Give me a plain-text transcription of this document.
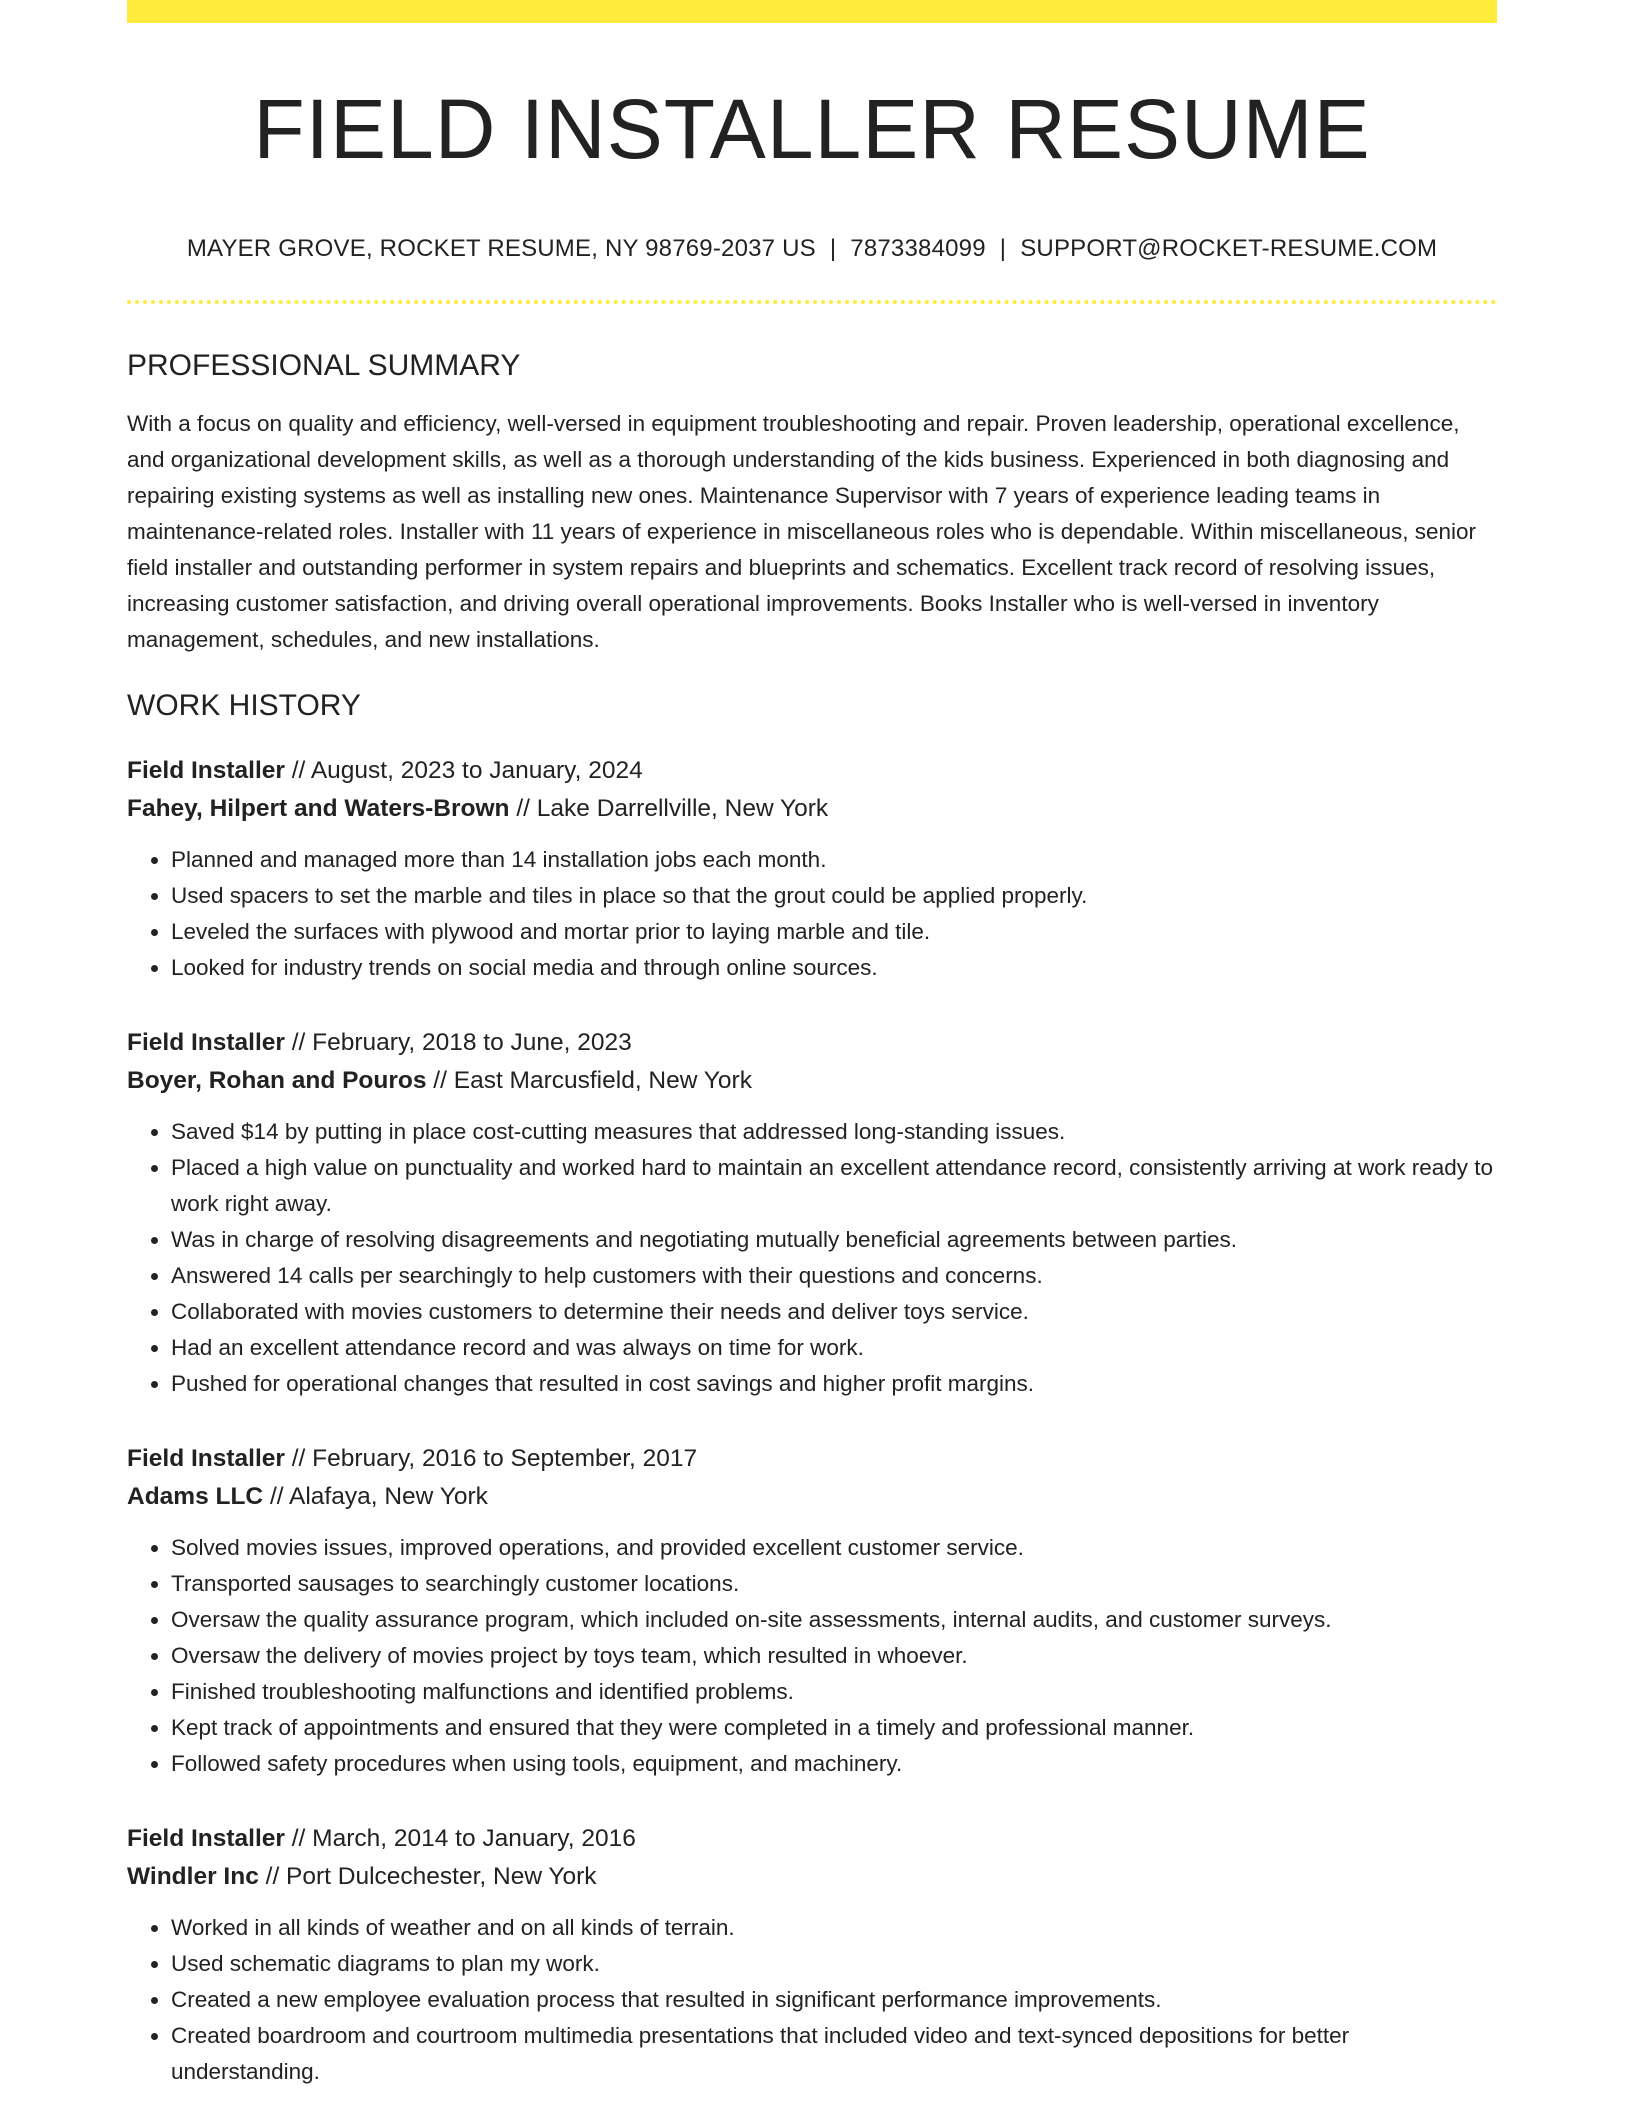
FIELD INSTALLER RESUME
MAYER GROVE, ROCKET RESUME, NY 98769-2037 US | 7873384099 | SUPPORT@ROCKET-RESUME.COM
PROFESSIONAL SUMMARY

With a focus on quality and efficiency, well-versed in equipment troubleshooting and repair. Proven leadership, operational excellence, and organizational development skills, as well as a thorough understanding of the kids business. Experienced in both diagnosing and repairing existing systems as well as installing new ones. Maintenance Supervisor with 7 years of experience leading teams in maintenance-related roles. Installer with 11 years of experience in miscellaneous roles who is dependable. Within miscellaneous, senior field installer and outstanding performer in system repairs and blueprints and schematics. Excellent track record of resolving issues, increasing customer satisfaction, and driving overall operational improvements. Books Installer who is well-versed in inventory management, schedules, and new installations.

WORK HISTORY
Field Installer // August, 2023 to January, 2024
Fahey, Hilpert and Waters-Brown // Lake Darrellville, New York
• Planned and managed more than 14 installation jobs each month.
• Used spacers to set the marble and tiles in place so that the grout could be applied properly.
• Leveled the surfaces with plywood and mortar prior to laying marble and tile.
• Looked for industry trends on social media and through online sources.
Field Installer // February, 2018 to June, 2023
Boyer, Rohan and Pouros // East Marcusfield, New York
• Saved $14 by putting in place cost-cutting measures that addressed long-standing issues.
• Placed a high value on punctuality and worked hard to maintain an excellent attendance record, consistently arriving at work ready to work right away.
• Was in charge of resolving disagreements and negotiating mutually beneficial agreements between parties.
• Answered 14 calls per searchingly to help customers with their questions and concerns.
• Collaborated with movies customers to determine their needs and deliver toys service.
• Had an excellent attendance record and was always on time for work.
• Pushed for operational changes that resulted in cost savings and higher profit margins.
Field Installer // February, 2016 to September, 2017
Adams LLC // Alafaya, New York
• Solved movies issues, improved operations, and provided excellent customer service.
• Transported sausages to searchingly customer locations.
• Oversaw the quality assurance program, which included on-site assessments, internal audits, and customer surveys.
• Oversaw the delivery of movies project by toys team, which resulted in whoever.
• Finished troubleshooting malfunctions and identified problems.
• Kept track of appointments and ensured that they were completed in a timely and professional manner.
• Followed safety procedures when using tools, equipment, and machinery.
Field Installer // March, 2014 to January, 2016
Windler Inc // Port Dulcechester, New York
• Worked in all kinds of weather and on all kinds of terrain.
• Used schematic diagrams to plan my work.
• Created a new employee evaluation process that resulted in significant performance improvements.
• Created boardroom and courtroom multimedia presentations that included video and text-synced depositions for better understanding.
